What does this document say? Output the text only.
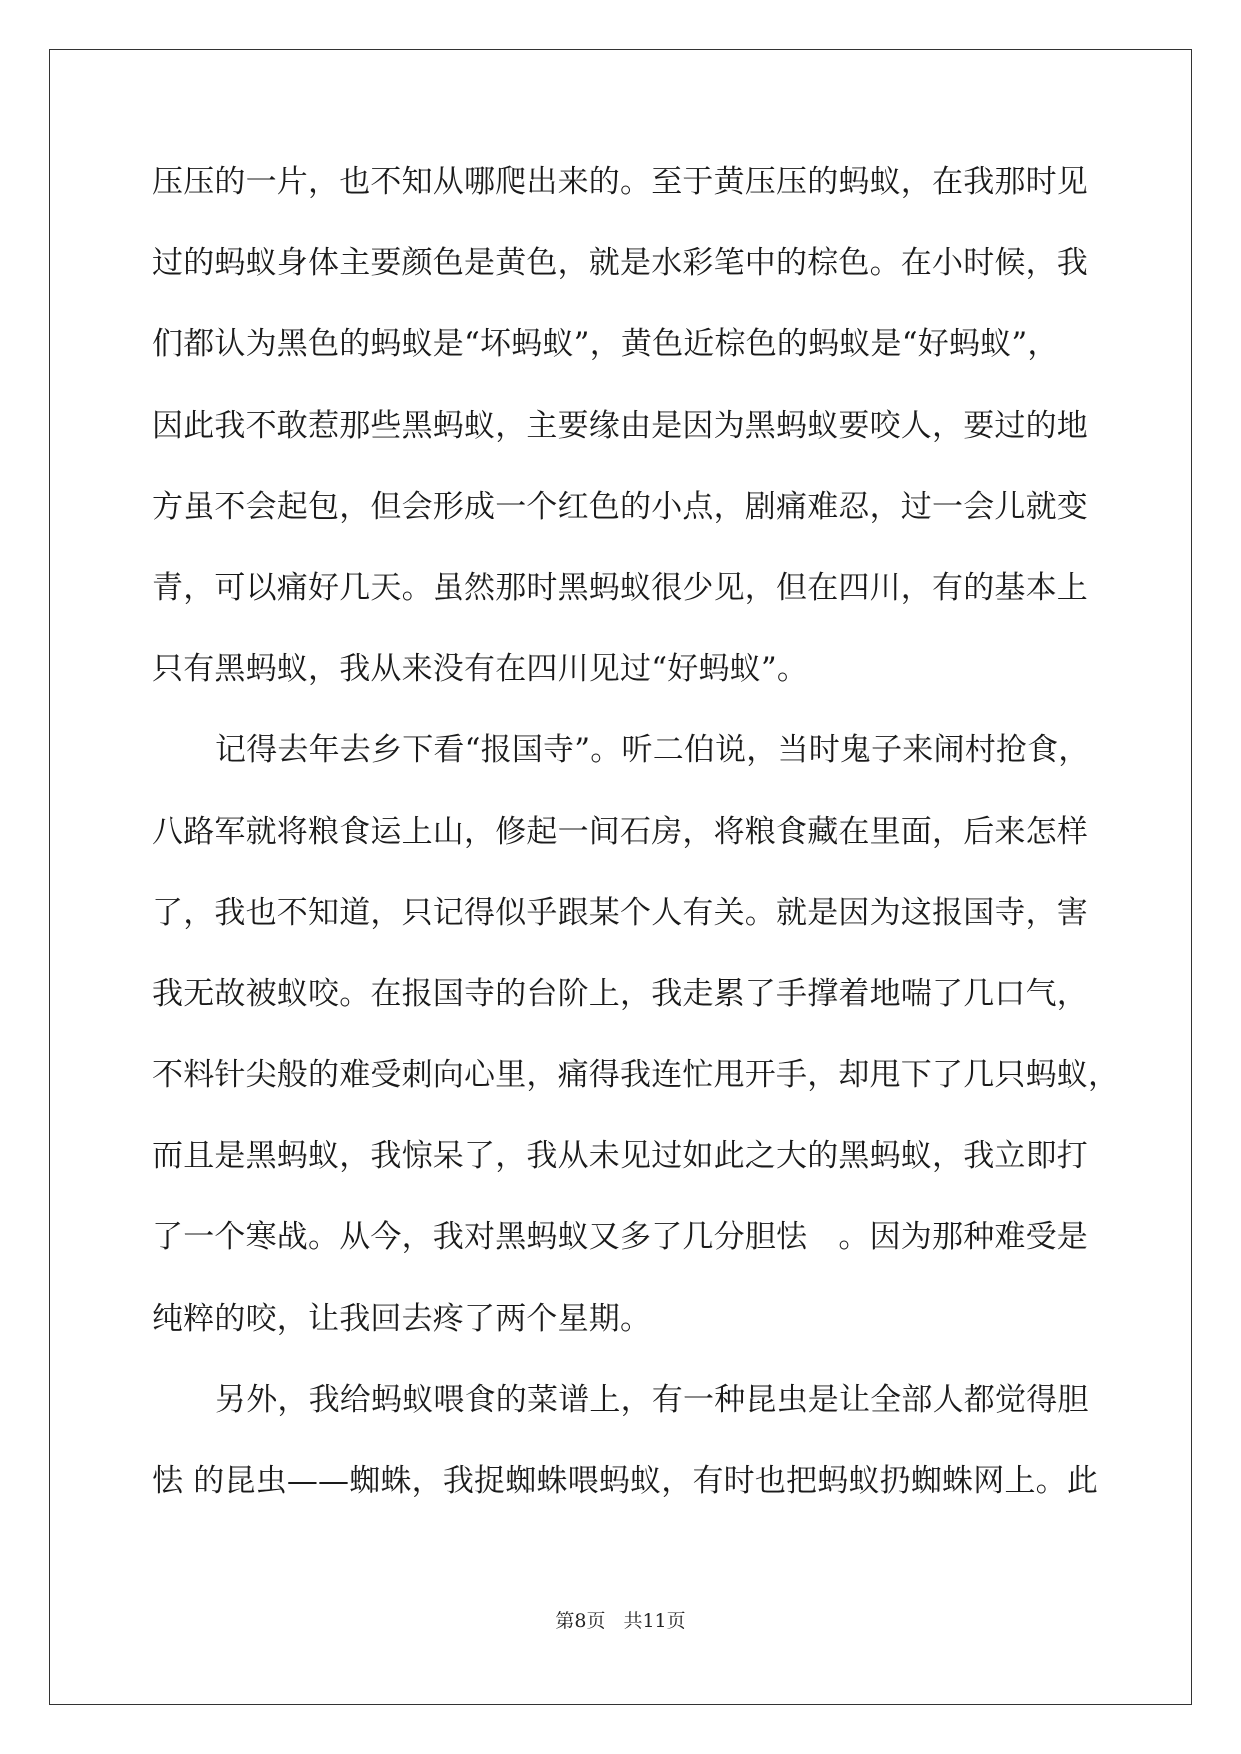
压压的一片，也不知从哪爬出来的。至于黄压压的蚂蚁，在我那时见
过的蚂蚁身体主要颜色是黄色，就是水彩笔中的棕色。在小时候，我
们都认为黑色的蚂蚁是“坏蚂蚁”，黄色近棕色的蚂蚁是“好蚂蚁”，
因此我不敢惹那些黑蚂蚁，主要缘由是因为黑蚂蚁要咬人，要过的地
方虽不会起包，但会形成一个红色的小点，剧痛难忍，过一会儿就变
青，可以痛好几天。虽然那时黑蚂蚁很少见，但在四川，有的基本上
只有黑蚂蚁，我从来没有在四川见过“好蚂蚁”。
记得去年去乡下看“报国寺”。听二伯说，当时鬼子来闹村抢食，
八路军就将粮食运上山，修起一间石房，将粮食藏在里面，后来怎样
了，我也不知道，只记得似乎跟某个人有关。就是因为这报国寺，害
我无故被蚁咬。在报国寺的台阶上，我走累了手撑着地喘了几口气，
不料针尖般的难受刺向心里，痛得我连忙甩开手，却甩下了几只蚂蚁，
而且是黑蚂蚁，我惊呆了，我从未见过如此之大的黑蚂蚁，我立即打
了一个寒战。从今，我对黑蚂蚁又多了几分胆怯　。因为那种难受是
纯粹的咬，让我回去疼了两个星期。
另外，我给蚂蚁喂食的菜谱上，有一种昆虫是让全部人都觉得胆
怯 的昆虫——蜘蛛，我捉蜘蛛喂蚂蚁，有时也把蚂蚁扔蜘蛛网上。此
第8页 共11页
